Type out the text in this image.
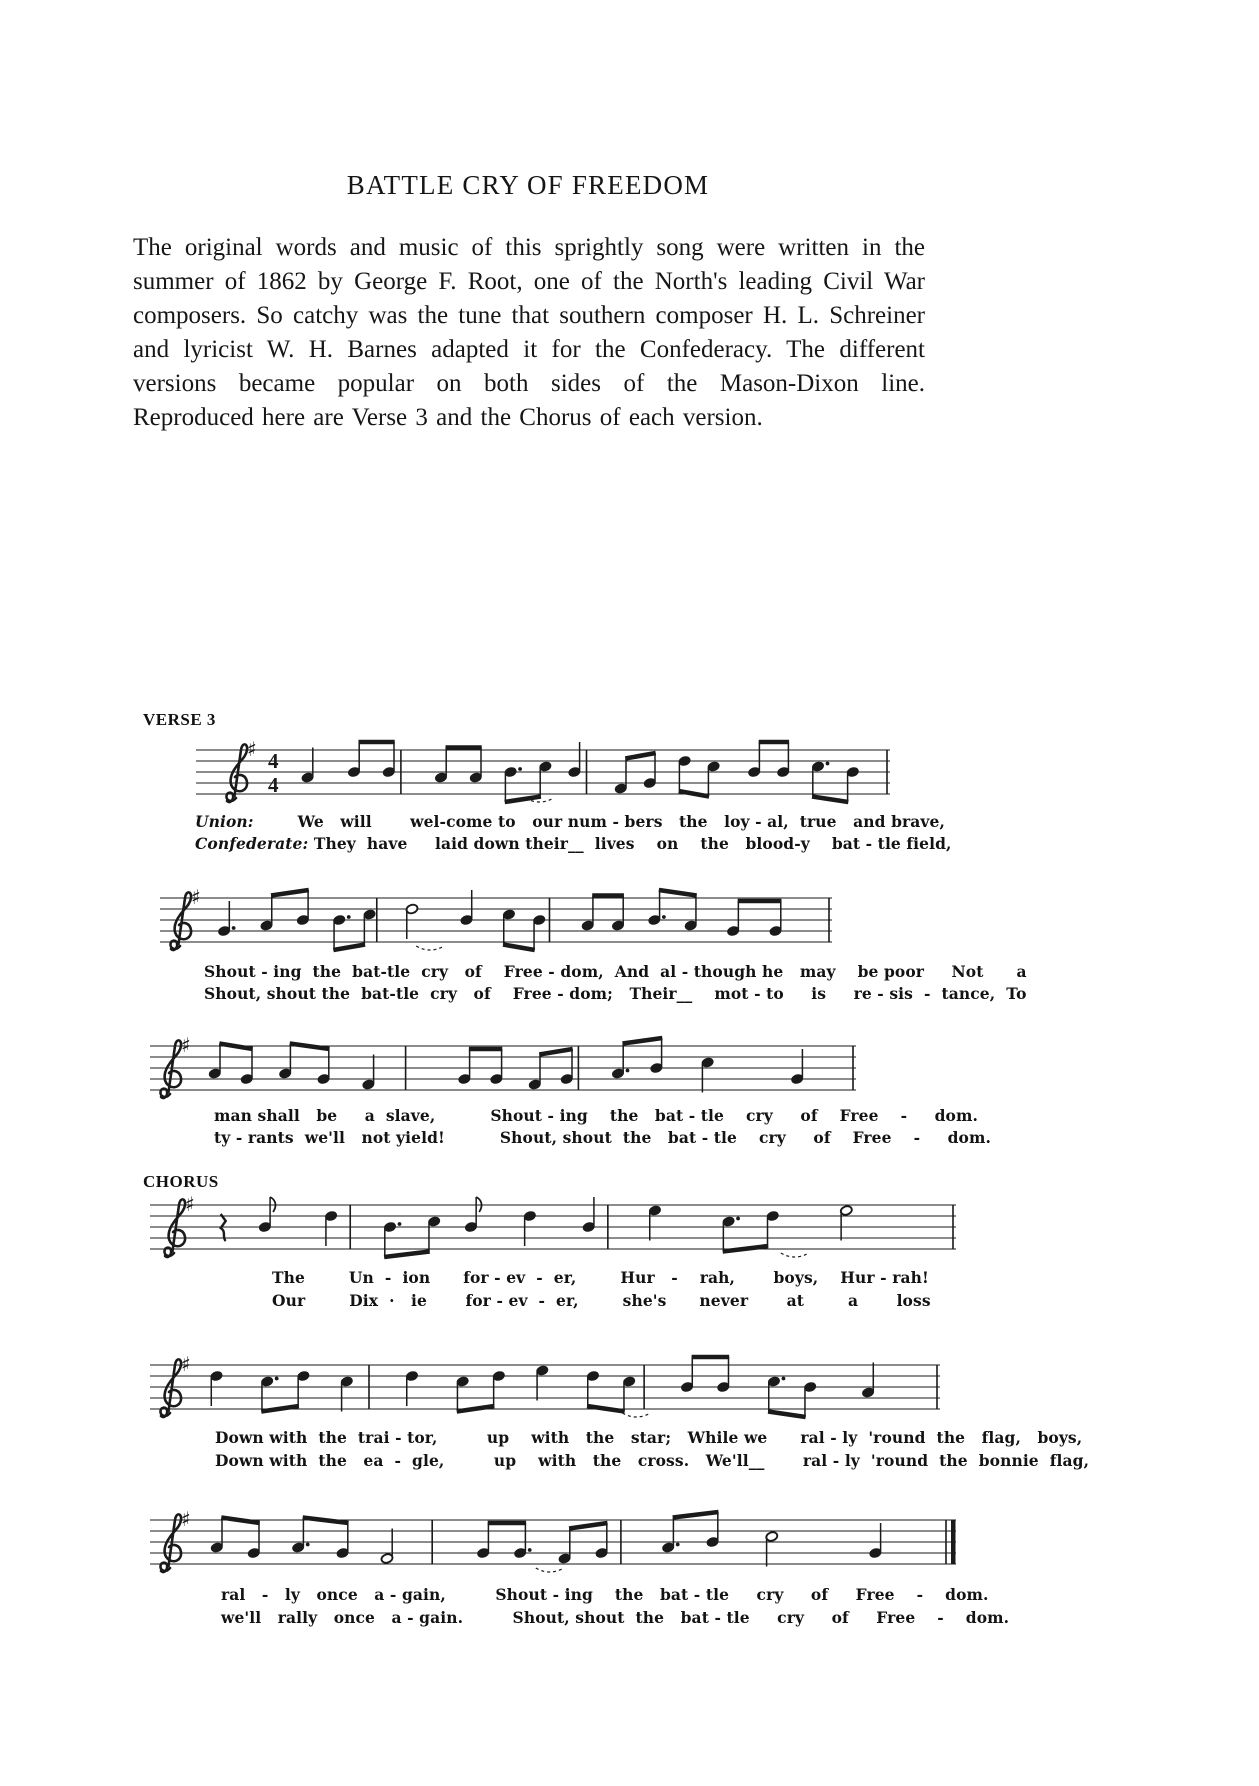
BATTLE CRY OF FREEDOM

The original words and music of this sprightly song were written in the summer of 1862 by George F. Root, one of the North's leading Civil War composers. So catchy was the tune that southern composer H. L. Schreiner and lyricist W. H. Barnes adapted it for the Confederacy. The different versions became popular on both sides of the Mason-Dixon line. Reproduced here are Verse 3 and the Chorus of each version.

VERSE 3
CHORUS
♯ 4
4
Union:        We   will       wel-come to   our num - bers   the   loy - al,  true   and brave,
Confederate: They  have     laid down their__  lives    on    the   blood-y    bat - tle field,
♯
Shout - ing  the  bat-tle  cry   of    Free - dom,  And  al - though he   may    be poor     Not      a
Shout, shout the  bat-tle  cry   of    Free - dom;   Their__    mot - to     is     re - sis  -  tance,  To
♯
man shall   be     a  slave,          Shout - ing    the   bat - tle    cry     of    Free    -     dom.
ty - rants  we'll   not yield!          Shout, shout  the   bat - tle    cry     of    Free    -     dom.
♯
The        Un  -  ion      for - ev  -  er,        Hur   -    rah,       boys,    Hur - rah!
Our        Dix  ·   ie       for - ev  -  er,        she's      never       at        a       loss
♯
Down with  the  trai - tor,         up    with   the   star;   While we      ral - ly  'round  the   flag,   boys,
Down with  the   ea  -  gle,         up    with   the   cross.   We'll__       ral - ly  'round  the  bonnie  flag,
♯
ral   -   ly   once   a - gain,         Shout - ing    the   bat - tle     cry     of     Free    -    dom.
we'll   rally   once   a - gain.         Shout, shout  the   bat - tle     cry     of     Free    -    dom.
